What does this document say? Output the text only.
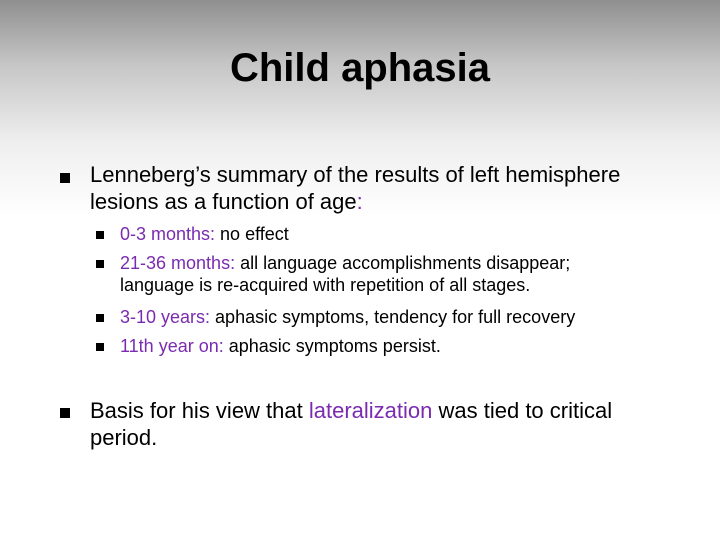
Child aphasia
Lenneberg’s summary of the results of left hemisphere
lesions as a function of age:
0-3 months: no effect
21-36 months: all language accomplishments disappear;
language is re-acquired with repetition of all stages.
3-10 years: aphasic symptoms, tendency for full recovery
11th year on: aphasic symptoms persist.
Basis for his view that lateralization was tied to critical
period.
